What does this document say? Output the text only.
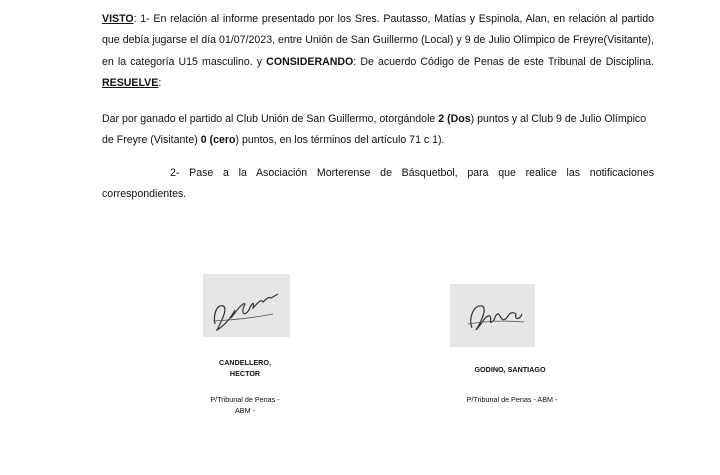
VISTO: 1- En relación al informe presentado por los Sres. Pautasso, Matías y Espinola, Alan, en relación al partido que debía jugarse el día 01/07/2023, entre Unión de San Guillermo (Local) y 9 de Julio Olímpico de Freyre(Visitante), en la categoría U15 masculino. y CONSIDERANDO: De acuerdo Código de Penas de este Tribunal de Disciplina. RESUELVE:

Dar por ganado el partido al Club Unión de San Guillermo, otorgándole 2 (Dos) puntos y al Club 9 de Julio Olímpico de Freyre (Visitante) 0 (cero) puntos, en los términos del artículo 71 c 1).

2- Pase a la Asociación Morterense de Básquetbol, para que realice las notificaciones correspondientes.

CANDELLERO, HECTOR
P/Tribunal de Penas - ABM -
GODINO, SANTIAGO
P/Tribunal de Penas - ABM -
